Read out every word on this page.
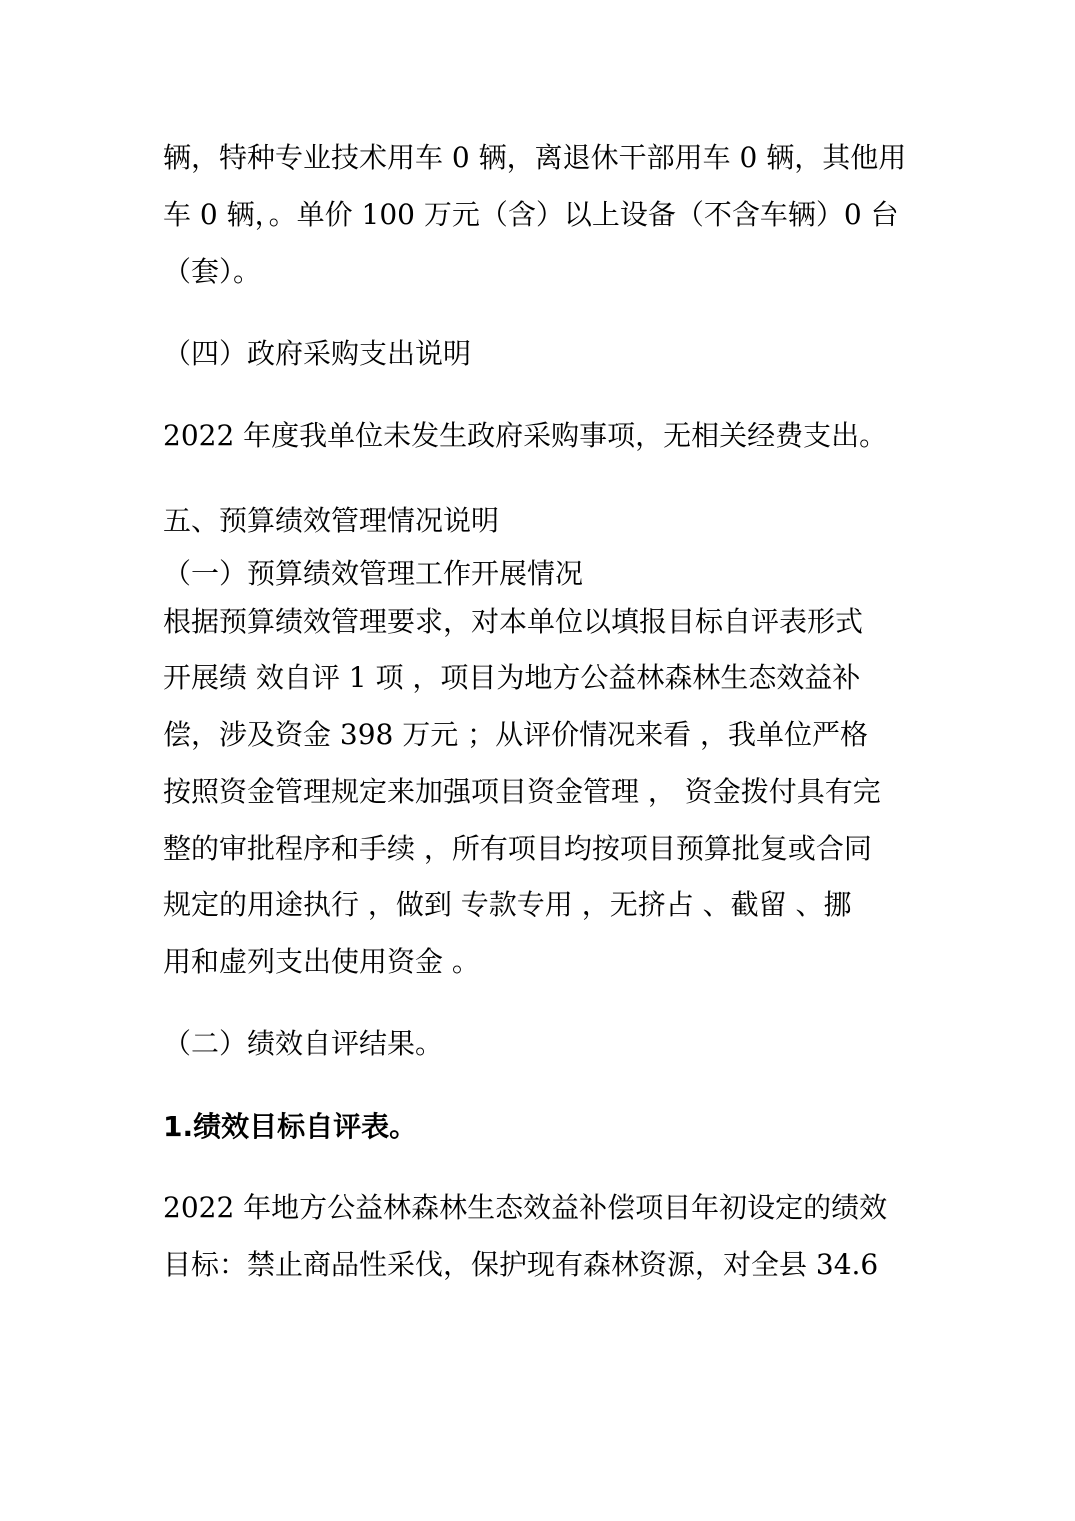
辆，特种专业技术用车 0 辆，离退休干部用车 0 辆，其他用

车 0 辆，。单价 100 万元（含）以上设备（不含车辆）0 台

（套）。

（四）政府采购支出说明

2022 年度我单位未发生政府采购事项，无相关经费支出。

五、预算绩效管理情况说明

（一）预算绩效管理工作开展情况

根据预算绩效管理要求，对本单位以填报目标自评表形式

开展绩 效自评 1 项 ，项目为地方公益林森林生态效益补

偿，涉及资金 398 万元 ；从评价情况来看 ，我单位严格

按照资金管理规定来加强项目资金管理 ， 资金拨付具有完

整的审批程序和手续 ，所有项目均按项目预算批复或合同

规定的用途执行 ，做到 专款专用 ，无挤占 、截留 、挪

用和虚列支出使用资金 。

（二）绩效自评结果。

1.绩效目标自评表。

2022 年地方公益林森林生态效益补偿项目年初设定的绩效

目标：禁止商品性采伐，保护现有森林资源，对全县 34.6
